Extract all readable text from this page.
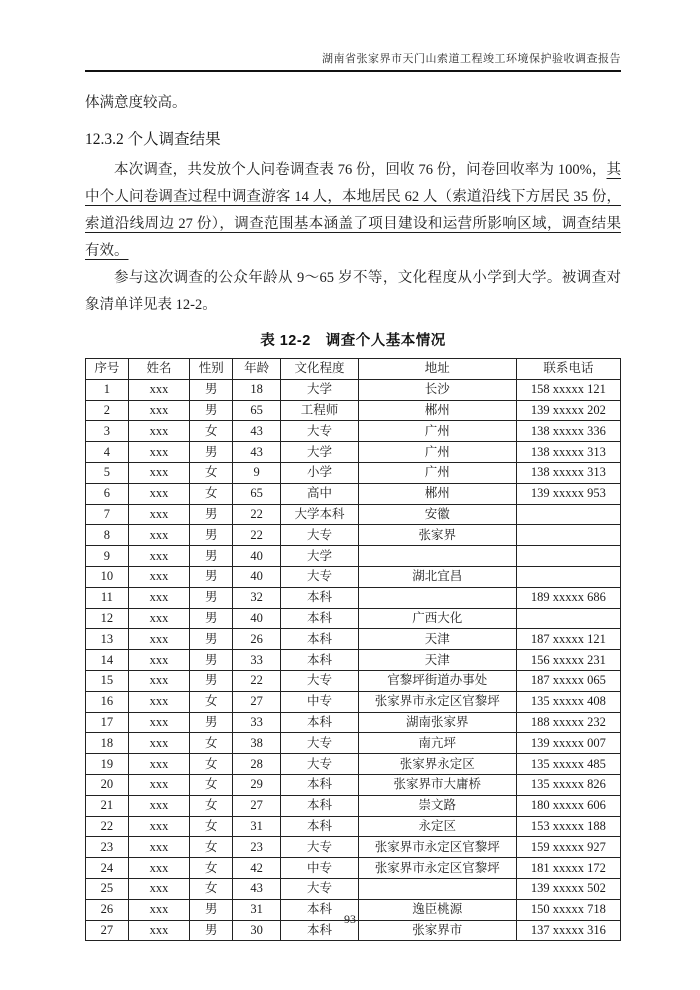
湖南省张家界市天门山索道工程竣工环境保护验收调查报告

体满意度较高。

12.3.2 个人调查结果

本次调查，共发放个人问卷调查表 76 份，回收 76 份，问卷回收率为 100%，其中个人问卷调查过程中调查游客 14 人，本地居民 62 人（索道沿线下方居民 35 份，索道沿线周边 27 份），调查范围基本涵盖了项目建设和运营所影响区域，调查结果有效。

参与这次调查的公众年龄从 9～65 岁不等，文化程度从小学到大学。被调查对象清单详见表 12-2。

表 12-2　调查个人基本情况
序号	姓名	性别	年龄	文化程度	地址	联系电话
1	xxx	男	18	大学	长沙	158 xxxxx 121
2	xxx	男	65	工程师	郴州	139 xxxxx 202
3	xxx	女	43	大专	广州	138 xxxxx 336
4	xxx	男	43	大学	广州	138 xxxxx 313
5	xxx	女	9	小学	广州	138 xxxxx 313
6	xxx	女	65	高中	郴州	139 xxxxx 953
7	xxx	男	22	大学本科	安徽	
8	xxx	男	22	大专	张家界	
9	xxx	男	40	大学		
10	xxx	男	40	大专	湖北宜昌	
11	xxx	男	32	本科		189 xxxxx 686
12	xxx	男	40	本科	广西大化	
13	xxx	男	26	本科	天津	187 xxxxx 121
14	xxx	男	33	本科	天津	156 xxxxx 231
15	xxx	男	22	大专	官黎坪街道办事处	187 xxxxx 065
16	xxx	女	27	中专	张家界市永定区官黎坪	135 xxxxx 408
17	xxx	男	33	本科	湖南张家界	188 xxxxx 232
18	xxx	女	38	大专	南亢坪	139 xxxxx 007
19	xxx	女	28	大专	张家界永定区	135 xxxxx 485
20	xxx	女	29	本科	张家界市大庸桥	135 xxxxx 826
21	xxx	女	27	本科	崇文路	180 xxxxx 606
22	xxx	女	31	本科	永定区	153 xxxxx 188
23	xxx	女	23	大专	张家界市永定区官黎坪	159 xxxxx 927
24	xxx	女	42	中专	张家界市永定区官黎坪	181 xxxxx 172
25	xxx	女	43	大专		139 xxxxx 502
26	xxx	男	31	本科	逸臣桃源	150 xxxxx 718
27	xxx	男	30	本科	张家界市	137 xxxxx 316
93
